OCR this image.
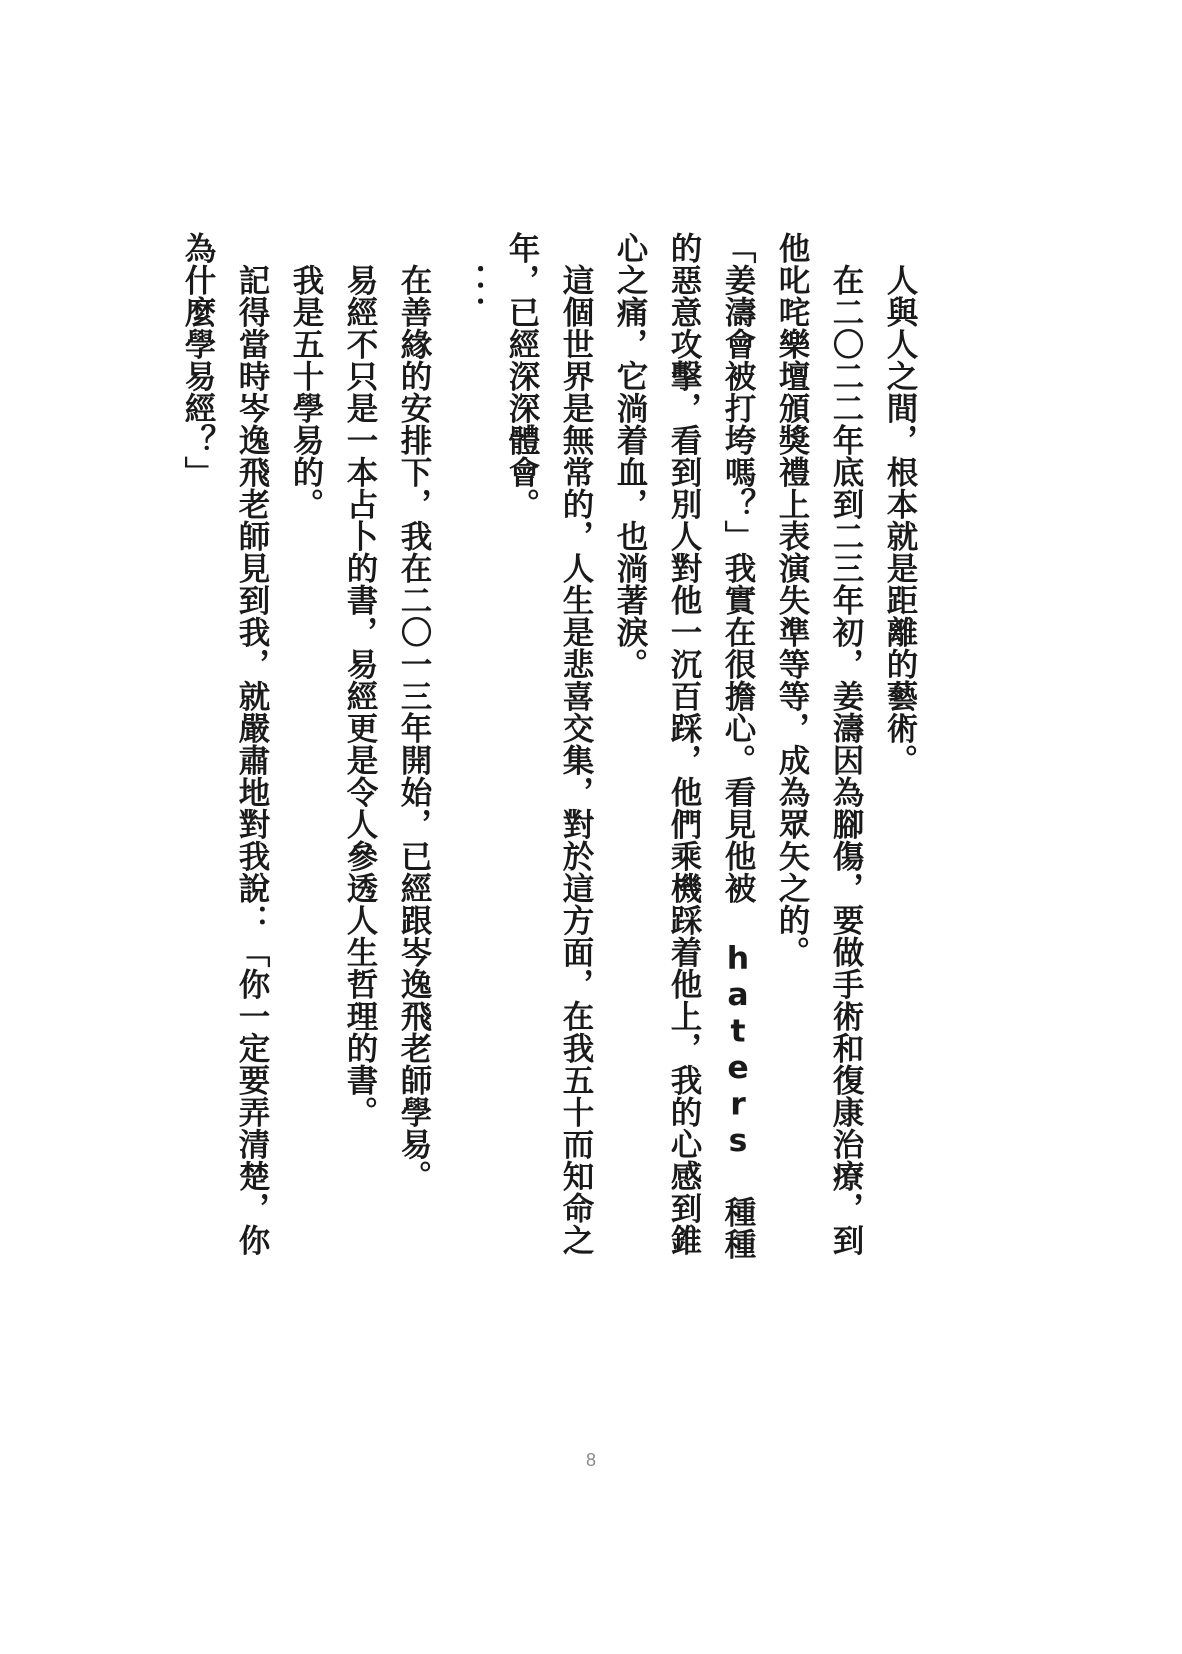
人與人之間，根本就是距離的藝術。

在二〇二二年底到二三年初，姜濤因為腳傷，要做手術和復康治療，到他叱咤樂壇頒獎禮上表演失準等等，成為眾矢之的。

「姜濤會被打垮嗎？」我實在很擔心。看見他被 haters 種種的惡意攻擊，看到別人對他一沉百踩，他們乘機踩着他上，我的心感到錐心之痛，它淌着血，也淌著淚。

這個世界是無常的，人生是悲喜交集，對於這方面，在我五十而知命之年，已經深深體會。

．．．

在善緣的安排下，我在二〇一三年開始，已經跟岑逸飛老師學易。

易經不只是一本占卜的書，易經更是令人參透人生哲理的書。

我是五十學易的。

記得當時岑逸飛老師見到我，就嚴肅地對我說：「你一定要弄清楚，你為什麼學易經？」

8
